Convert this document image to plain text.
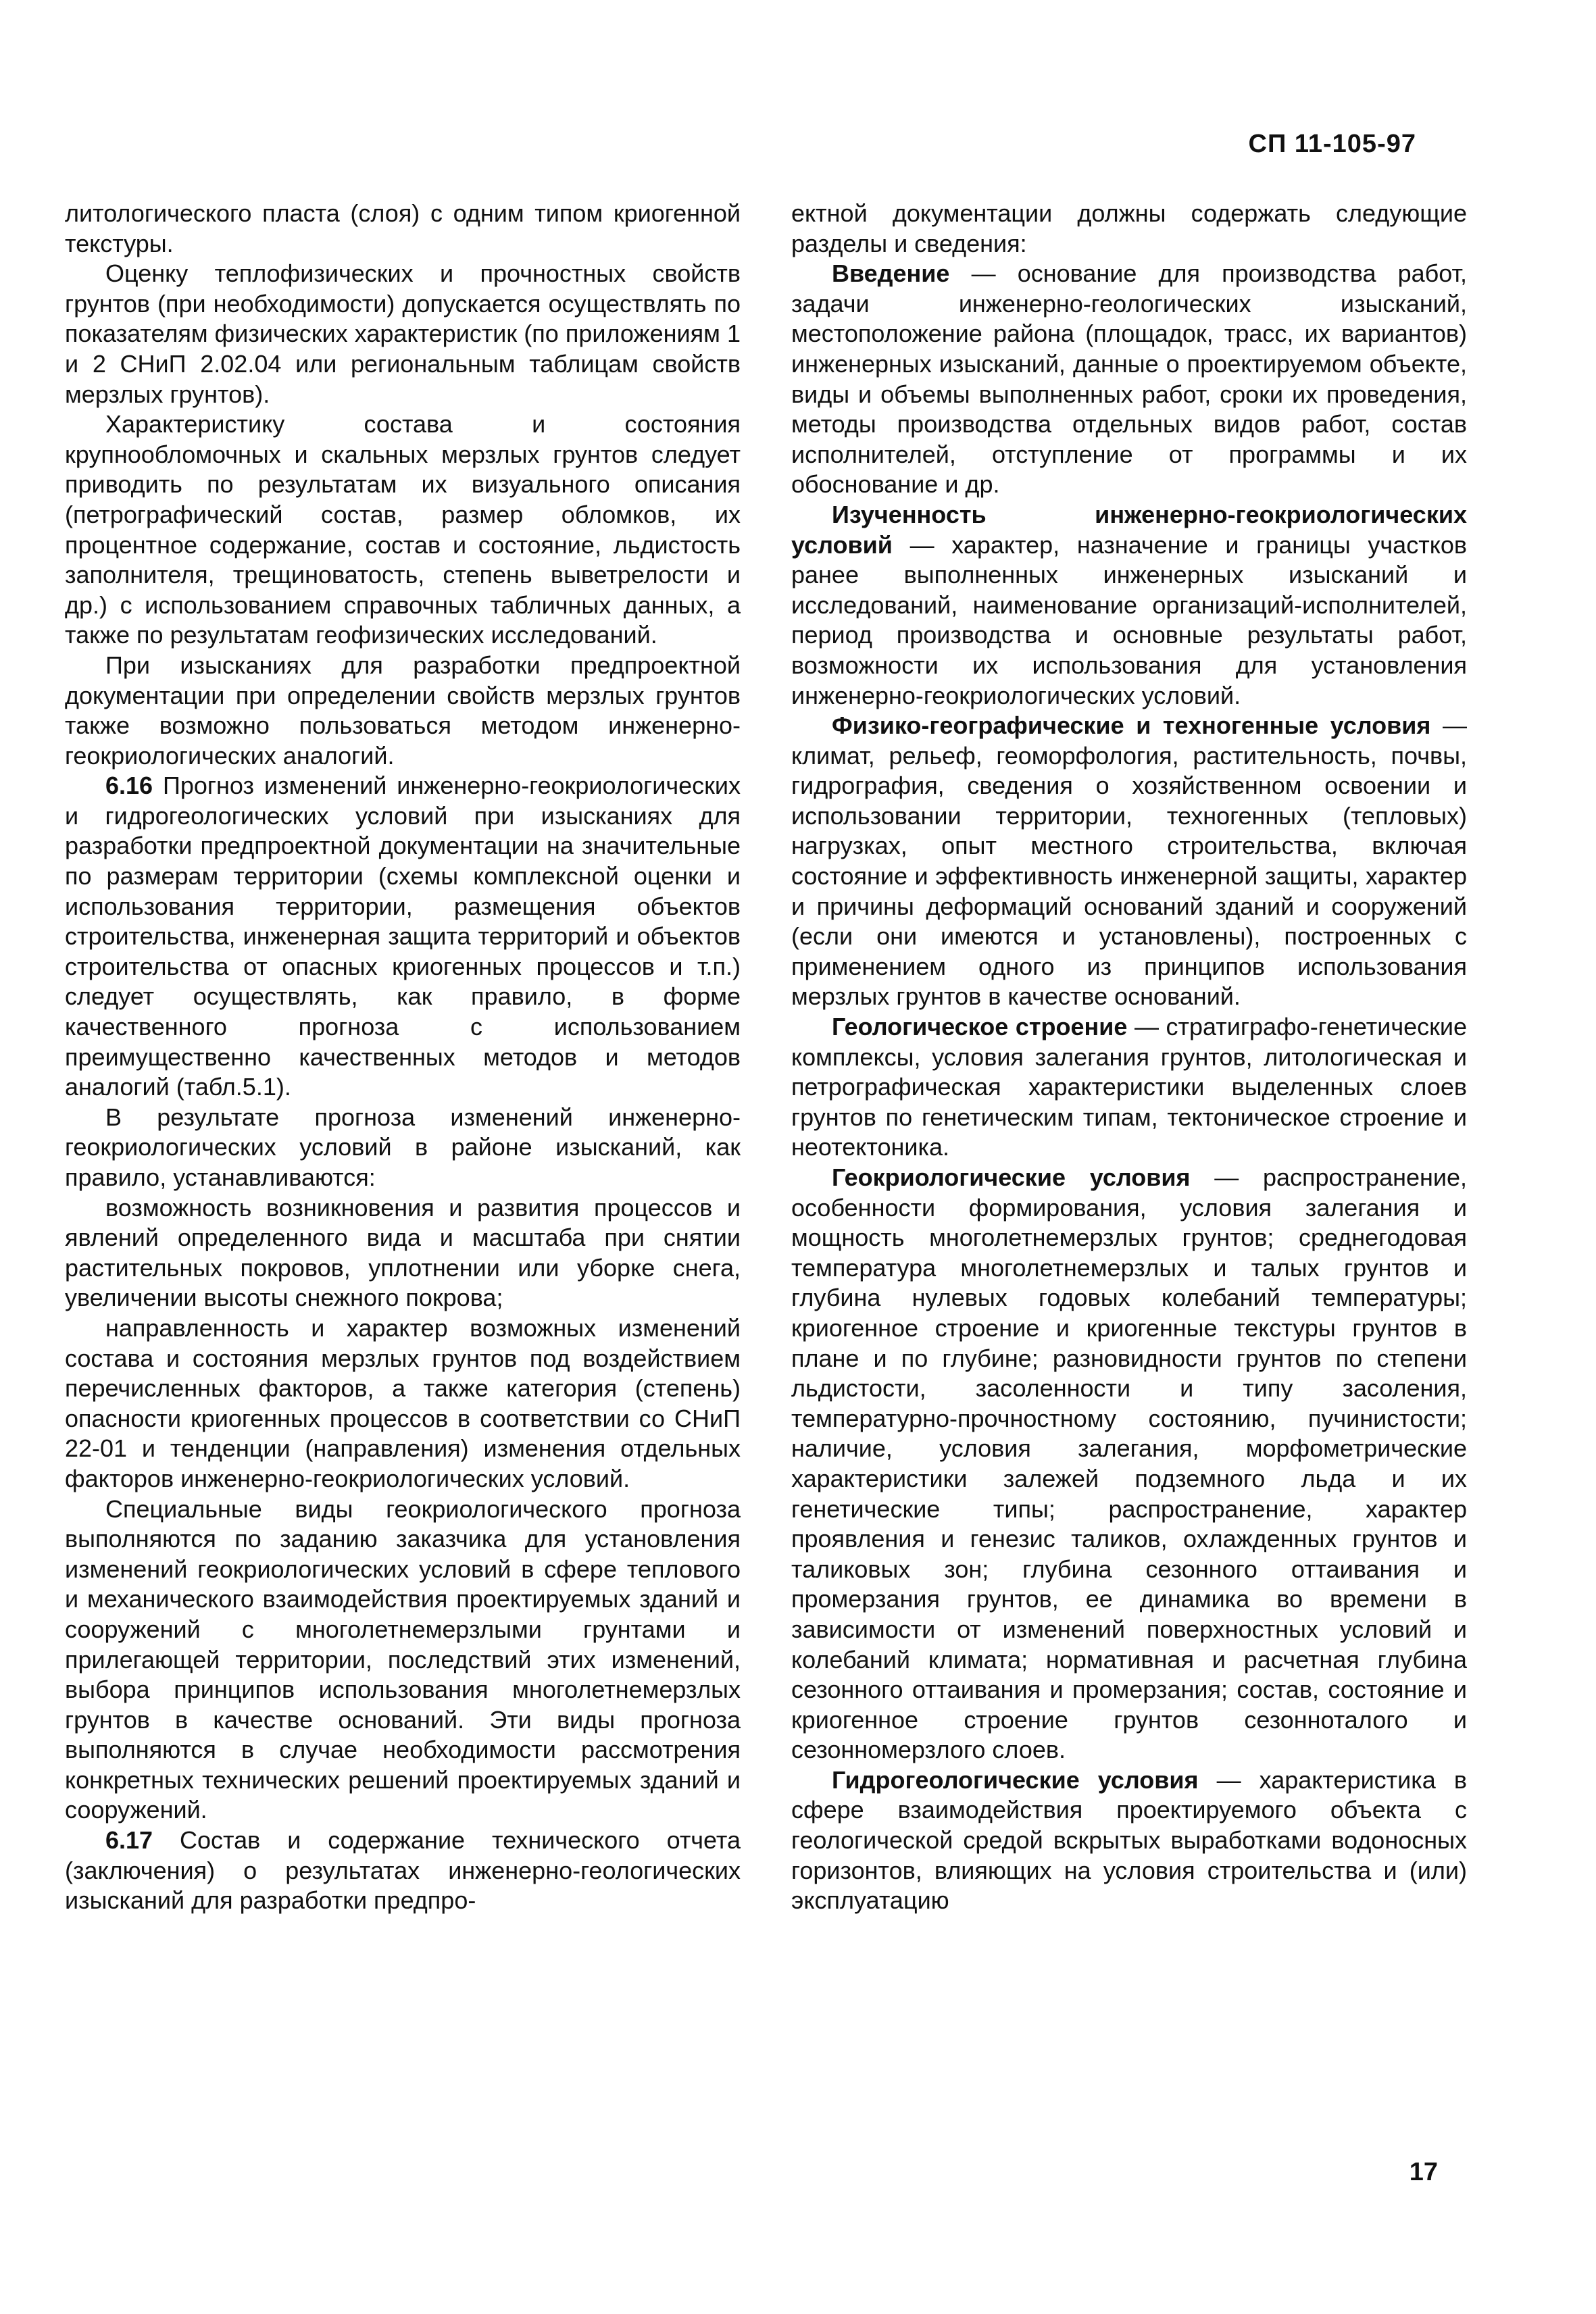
СП 11-105-97

литологического пласта (слоя) с одним типом криогенной текстуры.

Оценку теплофизических и прочностных свойств грунтов (при необходимости) допускается осуществлять по показателям физических характеристик (по приложениям 1 и 2 СНиП 2.02.04 или региональным таблицам свойств мерзлых грунтов).

Характеристику состава и состояния крупнообломочных и скальных мерзлых грунтов следует приводить по результатам их визуального описания (петрографический состав, размер обломков, их процентное содержание, состав и состояние, льдистость заполнителя, трещиноватость, степень выветрелости и др.) с использованием справочных табличных данных, а также по результатам геофизических исследований.

При изысканиях для разработки предпроектной документации при определении свойств мерзлых грунтов также возможно пользоваться методом инженерно-геокриологических аналогий.

6.16 Прогноз изменений инженерно-геокриологических и гидрогеологических условий при изысканиях для разработки предпроектной документации на значительные по размерам территории (схемы комплексной оценки и использования территории, размещения объектов строительства, инженерная защита территорий и объектов строительства от опасных криогенных процессов и т.п.) следует осуществлять, как правило, в форме качественного прогноза с использованием преимущественно качественных методов и методов аналогий (табл.5.1).

В результате прогноза изменений инженерно-геокриологических условий в районе изысканий, как правило, устанавливаются:

возможность возникновения и развития процессов и явлений определенного вида и масштаба при снятии растительных покровов, уплотнении или уборке снега, увеличении высоты снежного покрова;

направленность и характер возможных изменений состава и состояния мерзлых грунтов под воздействием перечисленных факторов, а также категория (степень) опасности криогенных процессов в соответствии со СНиП 22-01 и тенденции (направления) изменения отдельных факторов инженерно-геокриологических условий.

Специальные виды геокриологического прогноза выполняются по заданию заказчика для установления изменений геокриологических условий в сфере теплового и механического взаимодействия проектируемых зданий и сооружений с многолетнемерзлыми грунтами и прилегающей территории, последствий этих изменений, выбора принципов использования многолетнемерзлых грунтов в качестве оснований. Эти виды прогноза выполняются в случае необходимости рассмотрения конкретных технических решений проектируемых зданий и сооружений.

6.17 Состав и содержание технического отчета (заключения) о результатах инженерно-геологических изысканий для разработки предпро-

ектной документации должны содержать следующие разделы и сведения:

Введение — основание для производства работ, задачи инженерно-геологических изысканий, местоположение района (площадок, трасс, их вариантов) инженерных изысканий, данные о проектируемом объекте, виды и объемы выполненных работ, сроки их проведения, методы производства отдельных видов работ, состав исполнителей, отступление от программы и их обоснование и др.

Изученность инженерно-геокриологических условий — характер, назначение и границы участков ранее выполненных инженерных изысканий и исследований, наименование организаций-исполнителей, период производства и основные результаты работ, возможности их использования для установления инженерно-геокриологических условий.

Физико-географические и техногенные условия — климат, рельеф, геоморфология, растительность, почвы, гидрография, сведения о хозяйственном освоении и использовании территории, техногенных (тепловых) нагрузках, опыт местного строительства, включая состояние и эффективность инженерной защиты, характер и причины деформаций оснований зданий и сооружений (если они имеются и установлены), построенных с применением одного из принципов использования мерзлых грунтов в качестве оснований.

Геологическое строение — стратиграфо-генетические комплексы, условия залегания грунтов, литологическая и петрографическая характеристики выделенных слоев грунтов по генетическим типам, тектоническое строение и неотектоника.

Геокриологические условия — распространение, особенности формирования, условия залегания и мощность многолетнемерзлых грунтов; среднегодовая температура многолетнемерзлых и талых грунтов и глубина нулевых годовых колебаний температуры; криогенное строение и криогенные текстуры грунтов в плане и по глубине; разновидности грунтов по степени льдистости, засоленности и типу засоления, температурно-прочностному состоянию, пучинистости; наличие, условия залегания, морфометрические характеристики залежей подземного льда и их генетические типы; распространение, характер проявления и генезис таликов, охлажденных грунтов и таликовых зон; глубина сезонного оттаивания и промерзания грунтов, ее динамика во времени в зависимости от изменений поверхностных условий и колебаний климата; нормативная и расчетная глубина сезонного оттаивания и промерзания; состав, состояние и криогенное строение грунтов сезонноталого и сезонномерзлого слоев.

Гидрогеологические условия — характеристика в сфере взаимодействия проектируемого объекта с геологической средой вскрытых выработками водоносных горизонтов, влияющих на условия строительства и (или) эксплуатацию

17
